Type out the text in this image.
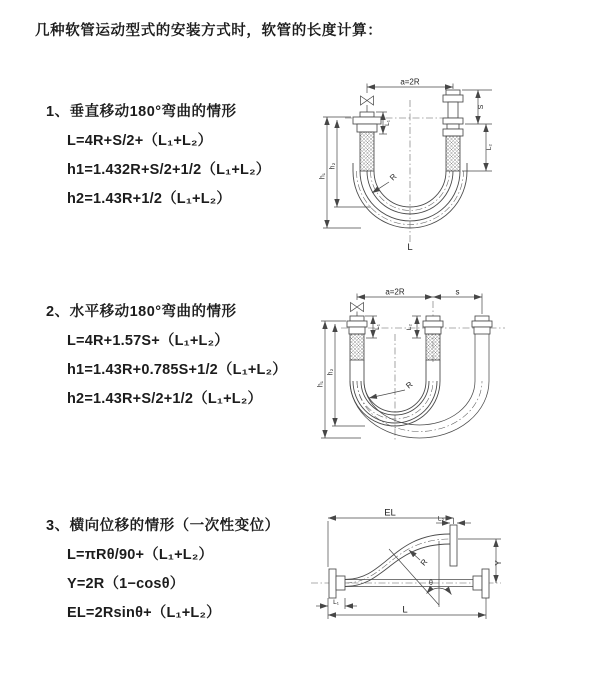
几种软管运动型式的安装方式时，软管的长度计算：
1、垂直移动180°弯曲的情形
L=4R+S/2+（L₁+L₂）
h1=1.432R+S/2+1/2（L₁+L₂）
h2=1.43R+1/2（L₁+L₂）
2、水平移动180°弯曲的情形
L=4R+1.57S+（L₁+L₂）
h1=1.43R+0.785S+1/2（L₁+L₂）
h2=1.43R+S/2+1/2（L₁+L₂）
3、横向位移的情形（一次性变位）
L=πRθ/90+（L₁+L₂）
Y=2R（1−cosθ）
EL=2Rsinθ+（L₁+L₂）
a=2R
h₁
h₂
L₁
S
L₂
R
L
a=2R	s
h₁
h₂
L₁	L₂
R
EL
L₂
Y
R
θ
L
L₁
